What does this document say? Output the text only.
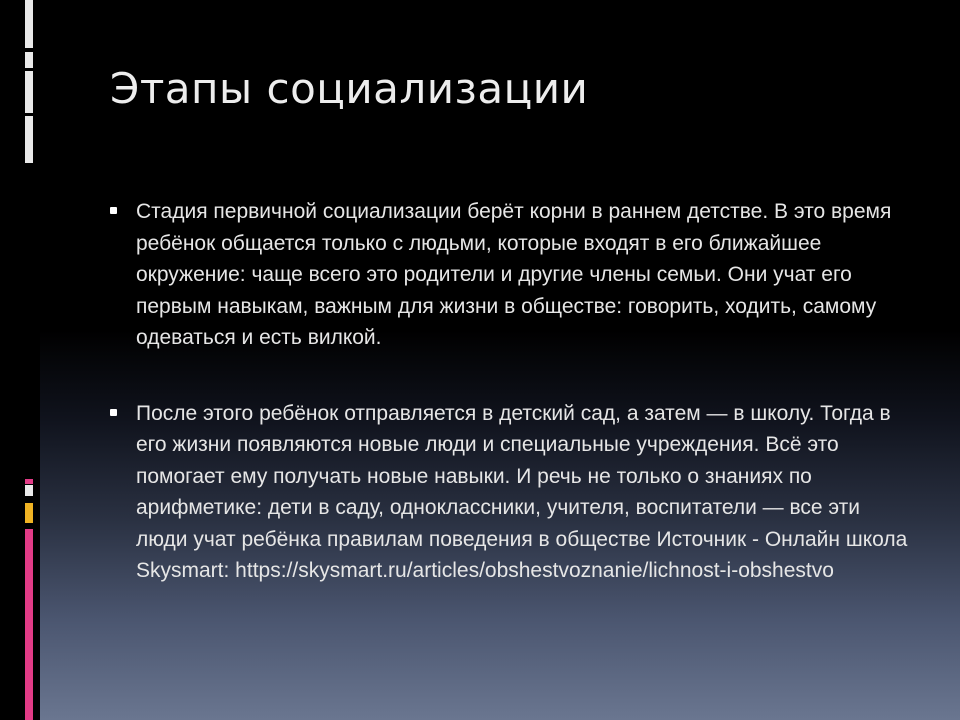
Этапы социализации
Стадия первичной социализации берёт корни в раннем детстве. В это время ребёнок общается только с людьми, которые входят в его ближайшее окружение: чаще всего это родители и другие члены семьи. Они учат его первым навыкам, важным для жизни в обществе: говорить, ходить, самому одеваться и есть вилкой.
После этого ребёнок отправляется в детский сад, а затем — в школу. Тогда в его жизни появляются новые люди и специальные учреждения. Всё это помогает ему получать новые навыки. И речь не только о знаниях по арифметике: дети в саду, одноклассники, учителя, воспитатели — все эти люди учат ребёнка правилам поведения в обществе Источник - Онлайн школа Skysmart: https://skysmart.ru/articles/obshestvoznanie/lichnost-i-obshestvo
